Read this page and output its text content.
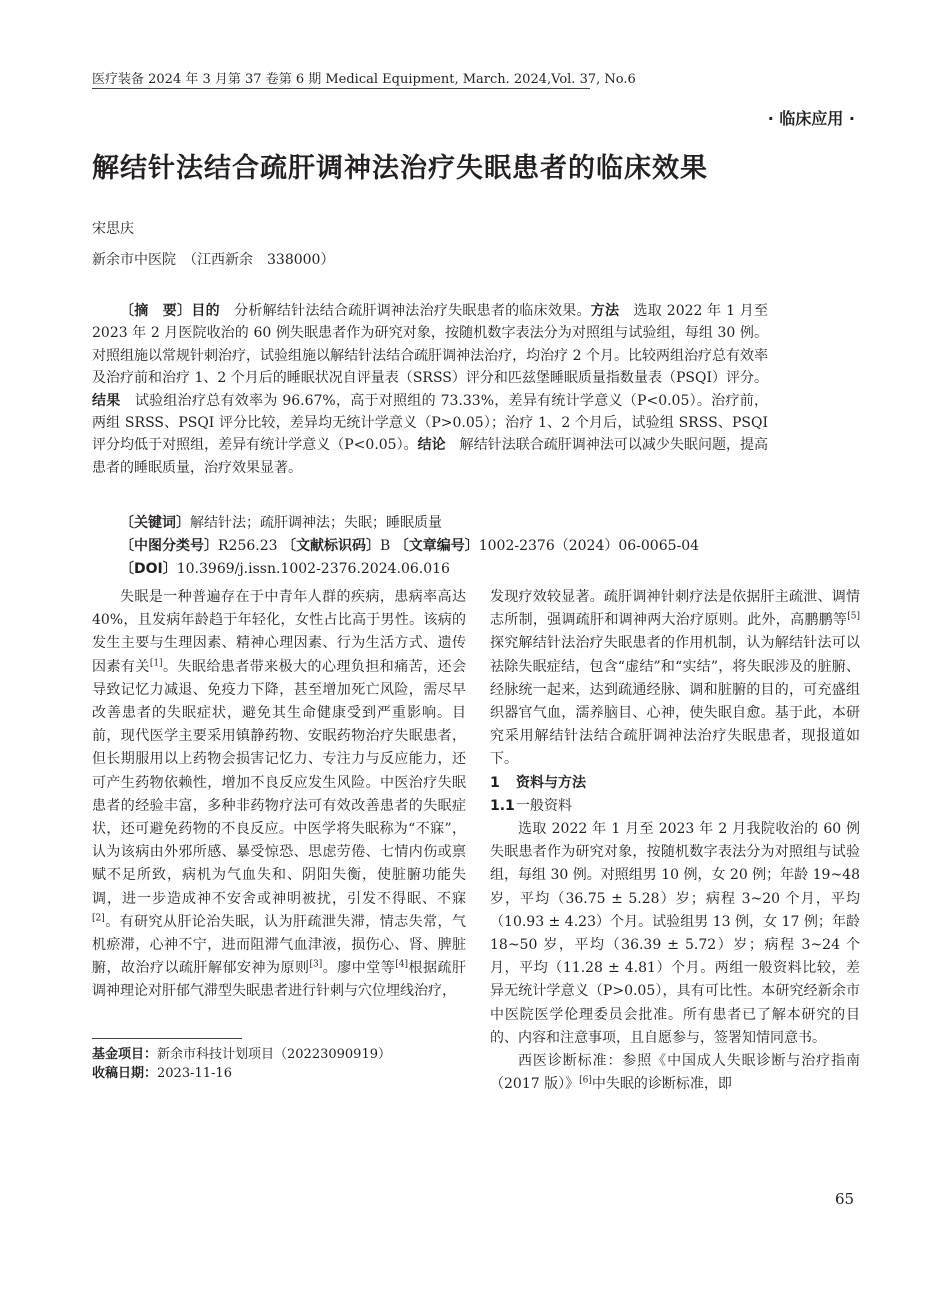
医疗装备 2024 年 3 月第 37 卷第 6 期 Medical Equipment, March. 2024,Vol. 37, No.6
· 临床应用 ·
解结针法结合疏肝调神法治疗失眠患者的临床效果
宋思庆
新余市中医院　（江西新余　338000）

〔摘　要〕目的　分析解结针法结合疏肝调神法治疗失眠患者的临床效果。方法　选取 2022 年 1 月至 2023 年 2 月医院收治的 60 例失眠患者作为研究对象，按随机数字表法分为对照组与试验组，每组 30 例。对照组施以常规针刺治疗，试验组施以解结针法结合疏肝调神法治疗，均治疗 2 个月。比较两组治疗总有效率及治疗前和治疗 1、2 个月后的睡眠状况自评量表（SRSS）评分和匹兹堡睡眠质量指数量表（PSQI）评分。结果　试验组治疗总有效率为 96.67%，高于对照组的 73.33%，差异有统计学意义（P<0.05）。治疗前，两组 SRSS、PSQI 评分比较，差异均无统计学意义（P>0.05）；治疗 1、2 个月后，试验组 SRSS、PSQI 评分均低于对照组，差异有统计学意义（P<0.05）。结论　解结针法联合疏肝调神法可以减少失眠问题，提高患者的睡眠质量，治疗效果显著。

〔关键词〕解结针法；疏肝调神法；失眠；睡眠质量
〔中图分类号〕R256.23 〔文献标识码〕B 〔文章编号〕1002-2376（2024）06-0065-04
〔DOI〕10.3969/j.issn.1002-2376.2024.06.016

失眠是一种普遍存在于中青年人群的疾病，患病率高达 40%，且发病年龄趋于年轻化，女性占比高于男性。该病的发生主要与生理因素、精神心理因素、行为生活方式、遗传因素有关[1]。失眠给患者带来极大的心理负担和痛苦，还会导致记忆力减退、免疫力下降，甚至增加死亡风险，需尽早改善患者的失眠症状，避免其生命健康受到严重影响。目前，现代医学主要采用镇静药物、安眠药物治疗失眠患者，但长期服用以上药物会损害记忆力、专注力与反应能力，还可产生药物依赖性，增加不良反应发生风险。中医治疗失眠患者的经验丰富，多种非药物疗法可有效改善患者的失眠症状，还可避免药物的不良反应。中医学将失眠称为“不寐”，认为该病由外邪所感、暴受惊恐、思虑劳倦、七情内伤或禀赋不足所致，病机为气血失和、阴阳失衡，使脏腑功能失调，进一步造成神不安舍或神明被扰，引发不得眠、不寐[2]。有研究从肝论治失眠，认为肝疏泄失滞，情志失常，气机瘀滞，心神不宁，进而阻滞气血津液，损伤心、肾、脾脏腑，故治疗以疏肝解郁安神为原则[3]。廖中堂等[4]根据疏肝调神理论对肝郁气滞型失眠患者进行针刺与穴位埋线治疗，

发现疗效较显著。疏肝调神针刺疗法是依据肝主疏泄、调情志所制，强调疏肝和调神两大治疗原则。此外，高鹏鹏等[5]探究解结针法治疗失眠患者的作用机制，认为解结针法可以祛除失眠症结，包含“虚结”和“实结”，将失眠涉及的脏腑、经脉统一起来，达到疏通经脉、调和脏腑的目的，可充盛组织器官气血，濡养脑目、心神，使失眠自愈。基于此，本研究采用解结针法结合疏肝调神法治疗失眠患者，现报道如下。

1 资料与方法
1.1一般资料

选取 2022 年 1 月至 2023 年 2 月我院收治的 60 例失眠患者作为研究对象，按随机数字表法分为对照组与试验组，每组 30 例。对照组男 10 例，女 20 例；年龄 19~48 岁，平均（36.75 ± 5.28）岁；病程 3~20 个月，平均（10.93 ± 4.23）个月。试验组男 13 例，女 17 例；年龄 18~50 岁，平均（36.39 ± 5.72）岁；病程 3~24 个月，平均（11.28 ± 4.81）个月。两组一般资料比较，差异无统计学意义（P>0.05），具有可比性。本研究经新余市中医院医学伦理委员会批准。所有患者已了解本研究的目的、内容和注意事项，且自愿参与，签署知情同意书。

西医诊断标准：参照《中国成人失眠诊断与治疗指南（2017 版）》[6]中失眠的诊断标准，即

基金项目：新余市科技计划项目（20223090919）
收稿日期：2023-11-16
65
